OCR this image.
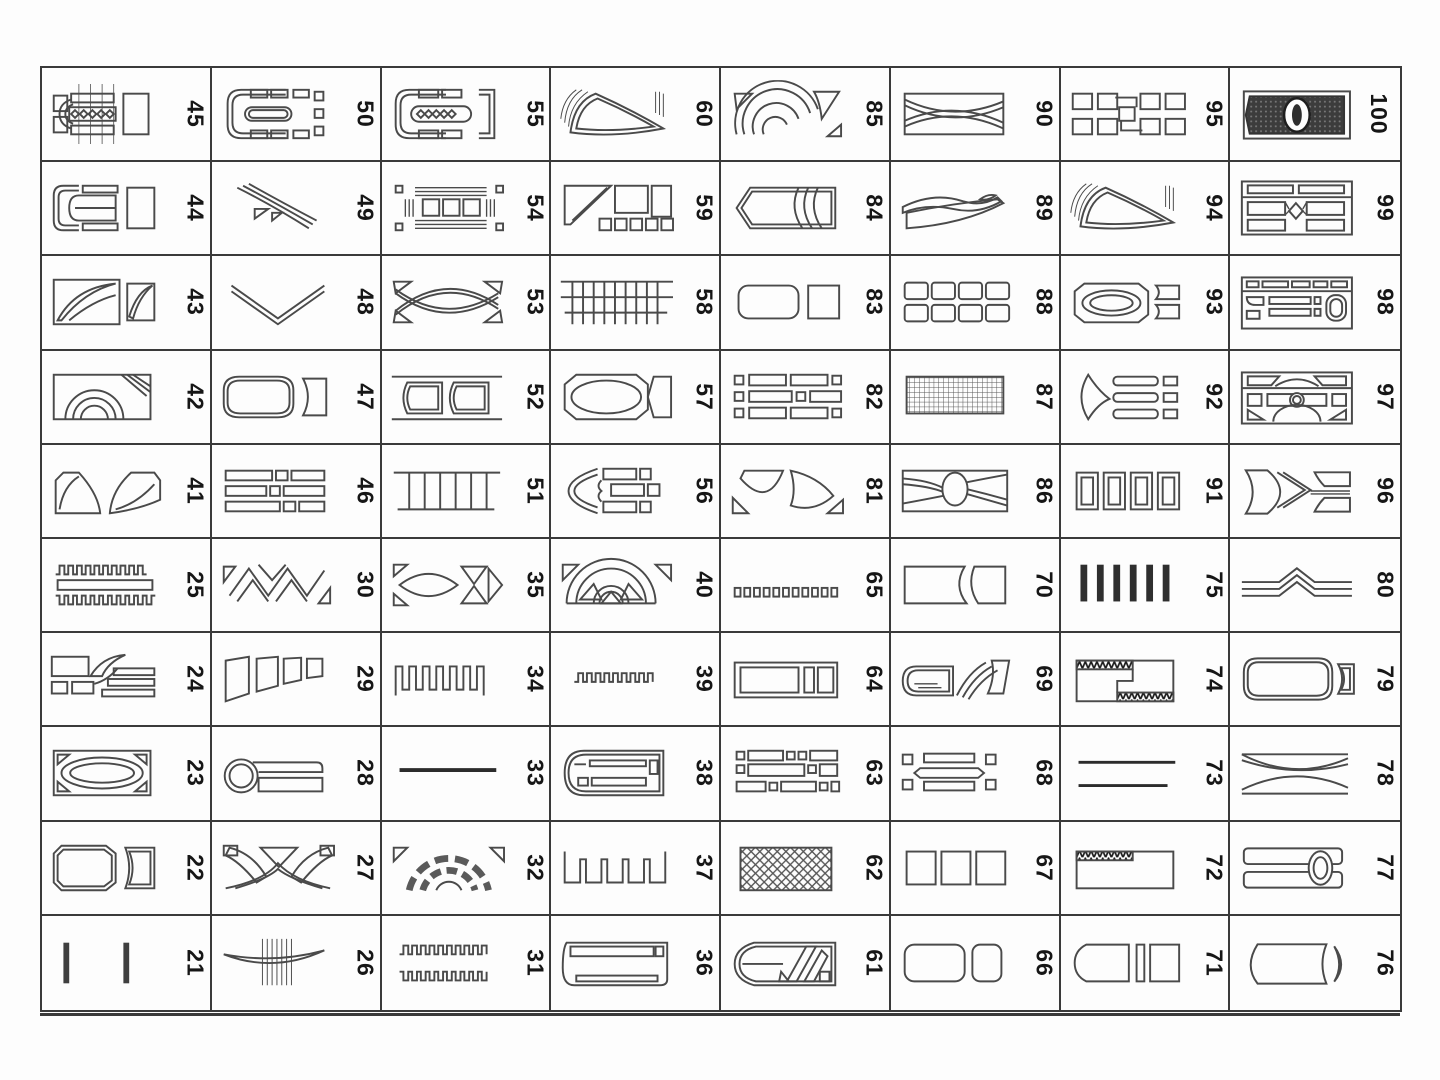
45	50	55	60	85	90	95	100
44	49	54	59	84	89	94	99
43	48	53	58	83	88	93	98
42	47	52	57	82	87	92	97
41	46	51	56	81	86	91	96
25	30	35	40	65	70	75	80
24	29	34	39	64	69	74	79
23	28	33	38	63	68	73	78
22	27	32	37	62	67	72	77
21	26	31	36	61	66	71	76
